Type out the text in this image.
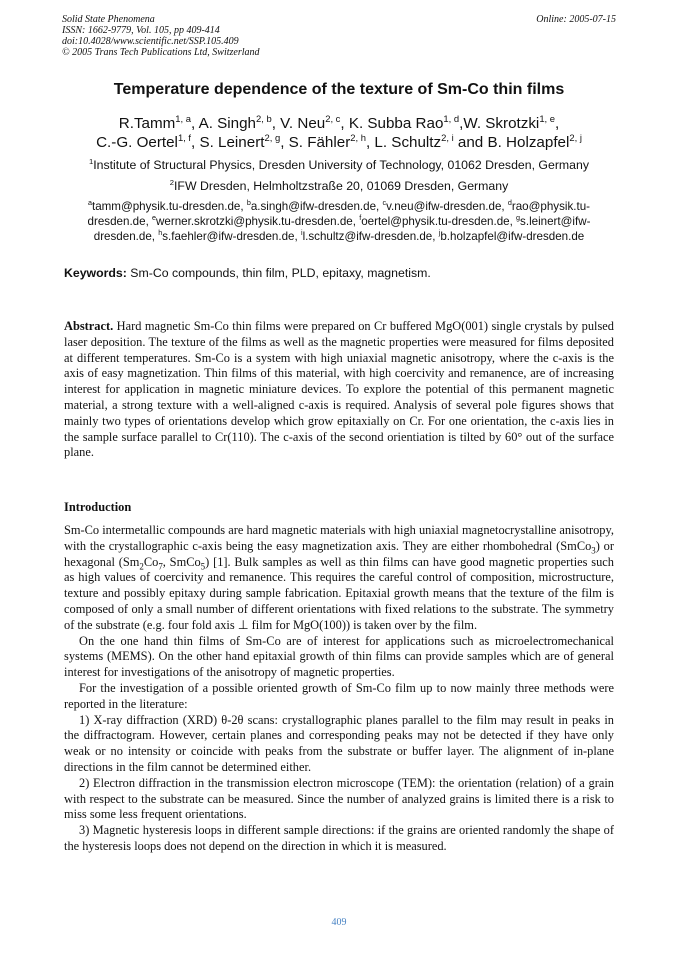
Solid State Phenomena
ISSN: 1662-9779, Vol. 105, pp 409-414
doi:10.4028/www.scientific.net/SSP.105.409
© 2005 Trans Tech Publications Ltd, Switzerland
Online: 2005-07-15
Temperature dependence of the texture of Sm-Co thin films
R.Tamm$^{1, a}$, A. Singh$^{2, b}$, V. Neu$^{2, c}$, K. Subba Rao$^{1, d}$,W. Skrotzki$^{1, e}$,
C.-G. Oertel$^{1, f}$, S. Leinert$^{2, g}$, S. Fähler$^{2, h}$, L. Schultz$^{2, i}$ and B. Holzapfel$^{2, j}$
$^1$Institute of Structural Physics, Dresden University of Technology, 01062 Dresden, Germany
$^2$IFW Dresden, Helmholtzstraße 20, 01069 Dresden, Germany
$^a$tamm@physik.tu-dresden.de, $^b$a.singh@ifw-dresden.de, $^c$v.neu@ifw-dresden.de, $^d$rao@physik.tu-dresden.de, $^e$werner.skrotzki@physik.tu-dresden.de, $^f$oertel@physik.tu-dresden.de, $^g$s.leinert@ifw-dresden.de, $^h$s.faehler@ifw-dresden.de, $^i$l.schultz@ifw-dresden.de, $^j$b.holzapfel@ifw-dresden.de
Keywords: Sm-Co compounds, thin film, PLD, epitaxy, magnetism.

Abstract. Hard magnetic Sm-Co thin films were prepared on Cr buffered MgO(001) single crystals by pulsed laser deposition. The texture of the films as well as the magnetic properties were measured for films deposited at different temperatures. Sm-Co is a system with high uniaxial magnetic anisotropy, where the c-axis is the axis of easy magnetization. Thin films of this material, with high coercivity and remanence, are of increasing interest for application in magnetic miniature devices. To explore the potential of this permanent magnetic material, a strong texture with a well-aligned c-axis is required. Analysis of several pole figures shows that mainly two types of orientations develop which grow epitaxially on Cr. For one orientation, the c-axis lies in the sample surface parallel to Cr(110). The c-axis of the second orientiation is tilted by 60° out of the surface plane.

Introduction

Sm-Co intermetallic compounds are hard magnetic materials with high uniaxial magnetocrystalline anisotropy, with the crystallographic c-axis being the easy magnetization axis. They are either rhombohedral (SmCo$_3$) or hexagonal ($Sm_2Co_7$, SmCo$_5$) [1]. Bulk samples as well as thin films can have good magnetic properties such as high values of coercivity and remanence. This requires the careful control of composition, microstructure, texture and possibly epitaxy during sample fabrication. Epitaxial growth means that the texture of the film is composed of only a small number of different orientations with fixed relations to the substrate. The symmetry of the substrate (e.g. four fold axis ⊥ film for MgO(100)) is taken over by the film.

On the one hand thin films of Sm-Co are of interest for applications such as microelectromechanical systems (MEMS). On the other hand epitaxial growth of thin films can provide samples which are of general interest for investigations of the anisotropy of magnetic properties.

For the investigation of a possible oriented growth of Sm-Co film up to now mainly three methods were reported in the literature:

1) X-ray diffraction (XRD) θ-2θ scans: crystallographic planes parallel to the film may result in peaks in the diffractogram. However, certain planes and corresponding peaks may not be detected if they have only weak or no intensity or coincide with peaks from the substrate or buffer layer. The alignment of in-plane directions in the film cannot be determined either.

2) Electron diffraction in the transmission electron microscope (TEM): the orientation (relation) of a grain with respect to the substrate can be measured. Since the number of analyzed grains is limited there is a risk to miss some less frequent orientations.

3) Magnetic hysteresis loops in different sample directions: if the grains are oriented randomly the shape of the hysteresis loops does not depend on the direction in which it is measured.

409
